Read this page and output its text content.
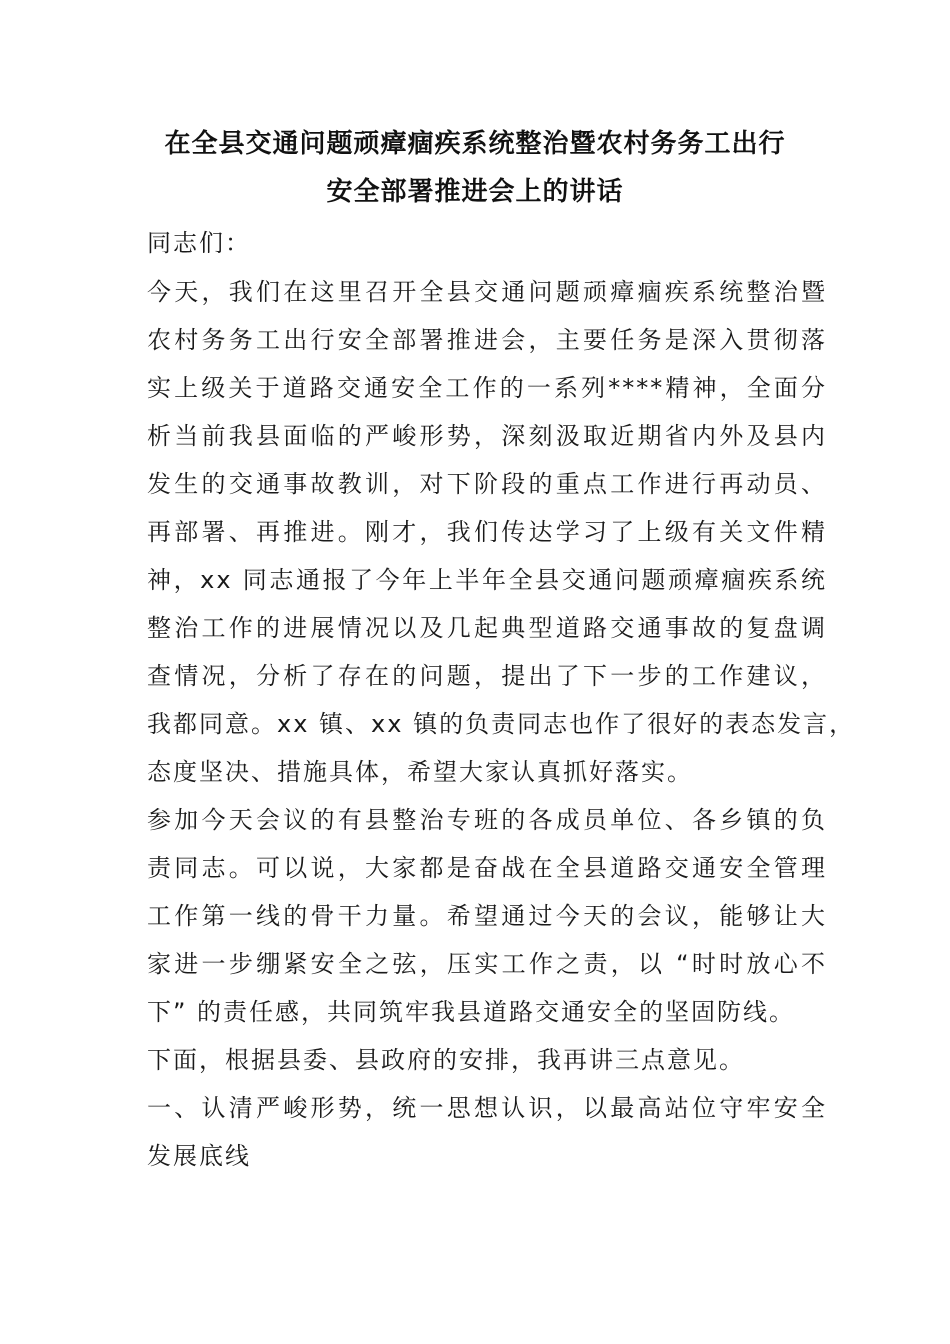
在全县交通问题顽瘴痼疾系统整治暨农村务务工出行
安全部署推进会上的讲话
同志们：
今天，我们在这里召开全县交通问题顽瘴痼疾系统整治暨
农村务务工出行安全部署推进会，主要任务是深入贯彻落
实上级关于道路交通安全工作的一系列****精神，全面分
析当前我县面临的严峻形势，深刻汲取近期省内外及县内
发生的交通事故教训，对下阶段的重点工作进行再动员、
再部署、再推进。刚才，我们传达学习了上级有关文件精
神，xx 同志通报了今年上半年全县交通问题顽瘴痼疾系统
整治工作的进展情况以及几起典型道路交通事故的复盘调
查情况，分析了存在的问题，提出了下一步的工作建议，
我都同意。xx 镇、xx 镇的负责同志也作了很好的表态发言，
态度坚决、措施具体，希望大家认真抓好落实。
参加今天会议的有县整治专班的各成员单位、各乡镇的负
责同志。可以说，大家都是奋战在全县道路交通安全管理
工作第一线的骨干力量。希望通过今天的会议，能够让大
家进一步绷紧安全之弦，压实工作之责，以 “时时放心不
下” 的责任感，共同筑牢我县道路交通安全的坚固防线。
下面，根据县委、县政府的安排，我再讲三点意见。
一、认清严峻形势，统一思想认识，以最高站位守牢安全
发展底线
